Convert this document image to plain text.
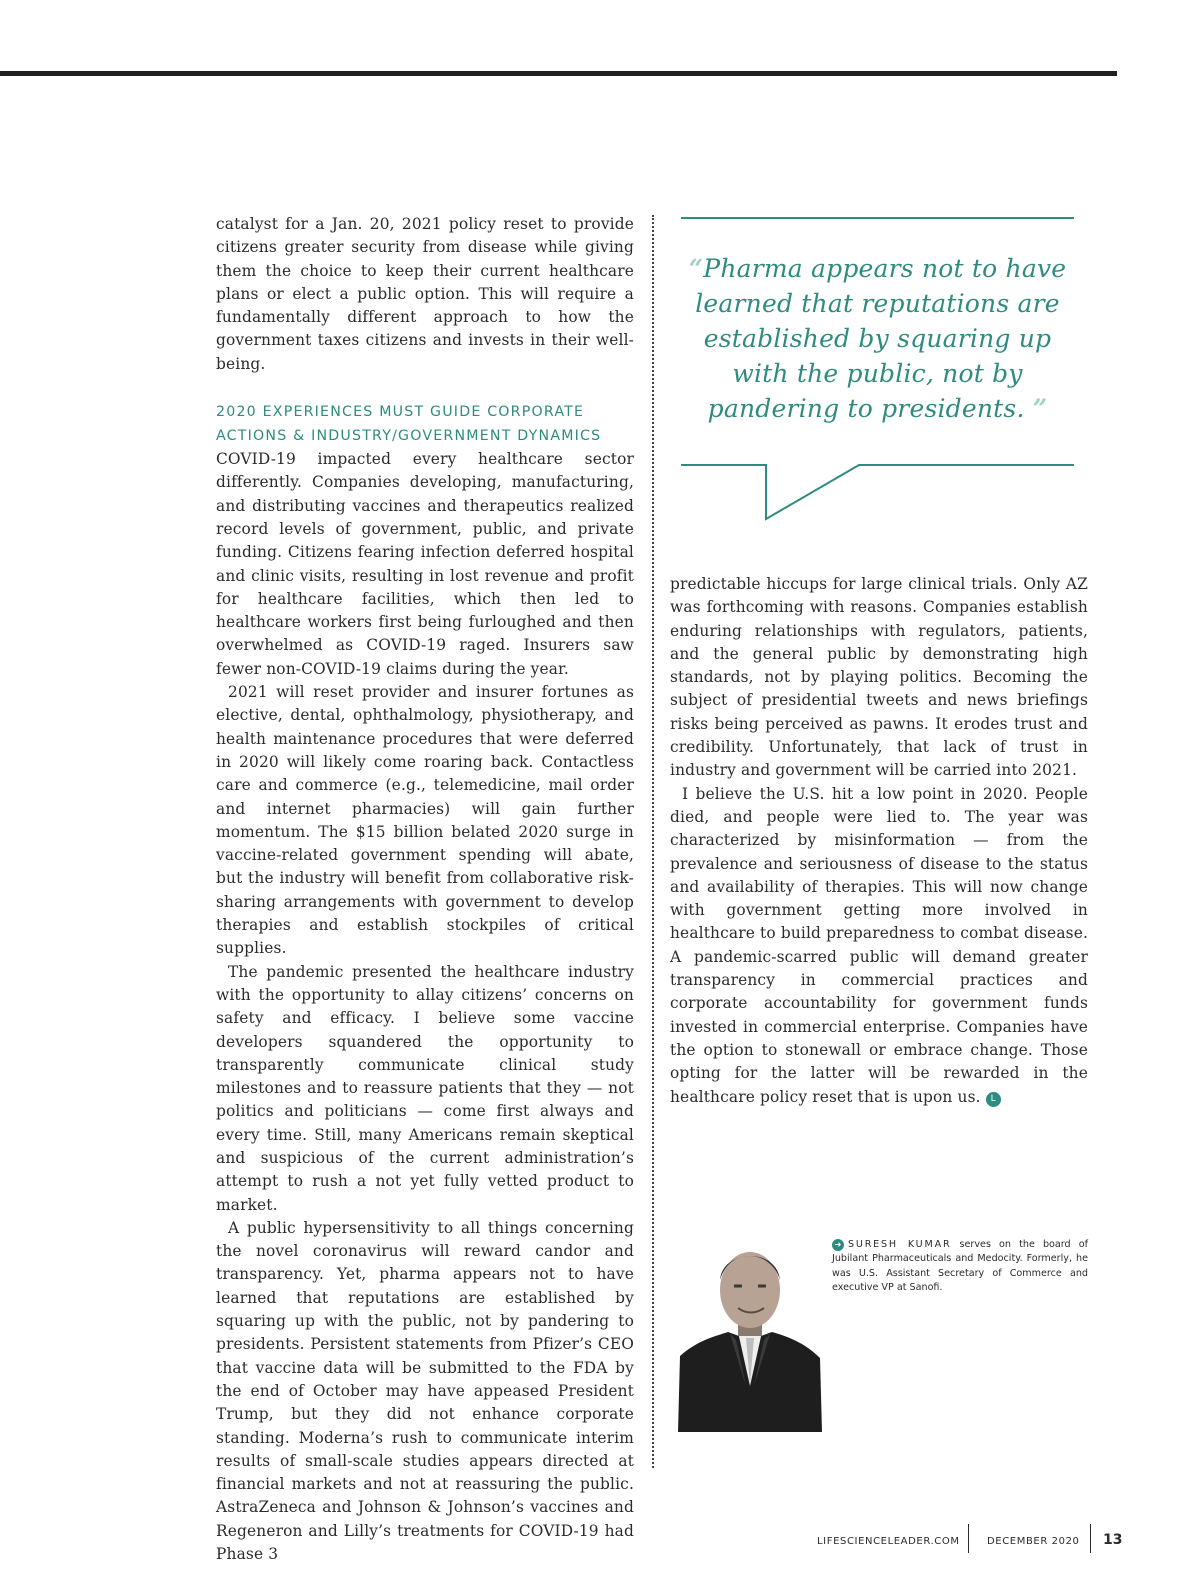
catalyst for a Jan. 20, 2021 policy reset to provide citizens greater security from disease while giving them the choice to keep their current healthcare plans or elect a public option. This will require a fundamentally different approach to how the government taxes citizens and invests in their well-being.

2020 EXPERIENCES MUST GUIDE CORPORATE
ACTIONS & INDUSTRY/GOVERNMENT DYNAMICS

COVID-19 impacted every healthcare sector differently. Companies developing, manufacturing, and distributing vaccines and therapeutics realized record levels of government, public, and private funding. Citizens fearing infection deferred hospital and clinic visits, resulting in lost revenue and profit for healthcare facilities, which then led to healthcare workers first being furloughed and then overwhelmed as COVID-19 raged. Insurers saw fewer non-COVID-19 claims during the year.

2021 will reset provider and insurer fortunes as elective, dental, ophthalmology, physiotherapy, and health maintenance procedures that were deferred in 2020 will likely come roaring back. Contactless care and commerce (e.g., telemedicine, mail order and internet pharmacies) will gain further momentum. The $15 billion belated 2020 surge in vaccine-related government spending will abate, but the industry will benefit from collaborative risk-sharing arrangements with government to develop therapies and establish stockpiles of critical supplies.

The pandemic presented the healthcare industry with the opportunity to allay citizens’ concerns on safety and efficacy. I believe some vaccine developers squandered the opportunity to transparently communicate clinical study milestones and to reassure patients that they — not politics and politicians — come first always and every time. Still, many Americans remain skeptical and suspicious of the current administration’s attempt to rush a not yet fully vetted product to market.

A public hypersensitivity to all things concerning the novel coronavirus will reward candor and transparency. Yet, pharma appears not to have learned that reputations are established by squaring up with the public, not by pandering to presidents. Persistent statements from Pfizer’s CEO that vaccine data will be submitted to the FDA by the end of October may have appeased President Trump, but they did not enhance corporate standing. Moderna’s rush to communicate interim results of small-scale studies appears directed at financial markets and not at reassuring the public. AstraZeneca and Johnson & Johnson’s vaccines and Regeneron and Lilly’s treatments for COVID-19 had Phase 3

“Pharma appears not to have learned that reputations are established by squaring up with the public, not by pandering to presidents. ”

predictable hiccups for large clinical trials. Only AZ was forthcoming with reasons. Companies establish enduring relationships with regulators, patients, and the general public by demonstrating high standards, not by playing politics. Becoming the subject of presidential tweets and news briefings risks being perceived as pawns. It erodes trust and credibility. Unfortunately, that lack of trust in industry and government will be carried into 2021.

I believe the U.S. hit a low point in 2020. People died, and people were lied to. The year was characterized by misinformation — from the prevalence and seriousness of disease to the status and availability of therapies. This will now change with government getting more involved in healthcare to build preparedness to combat disease. A pandemic-scarred public will demand greater transparency in commercial practices and corporate accountability for government funds invested in commercial enterprise. Companies have the option to stonewall or embrace change. Those opting for the latter will be rewarded in the healthcare policy reset that is upon us. L

➜ SURESH KUMAR serves on the board of Jubilant Pharmaceuticals and Medocity. Formerly, he was U.S. Assistant Secretary of Commerce and executive VP at Sanofi.
LIFESCIENCELEADER.COM	DECEMBER 2020 13
